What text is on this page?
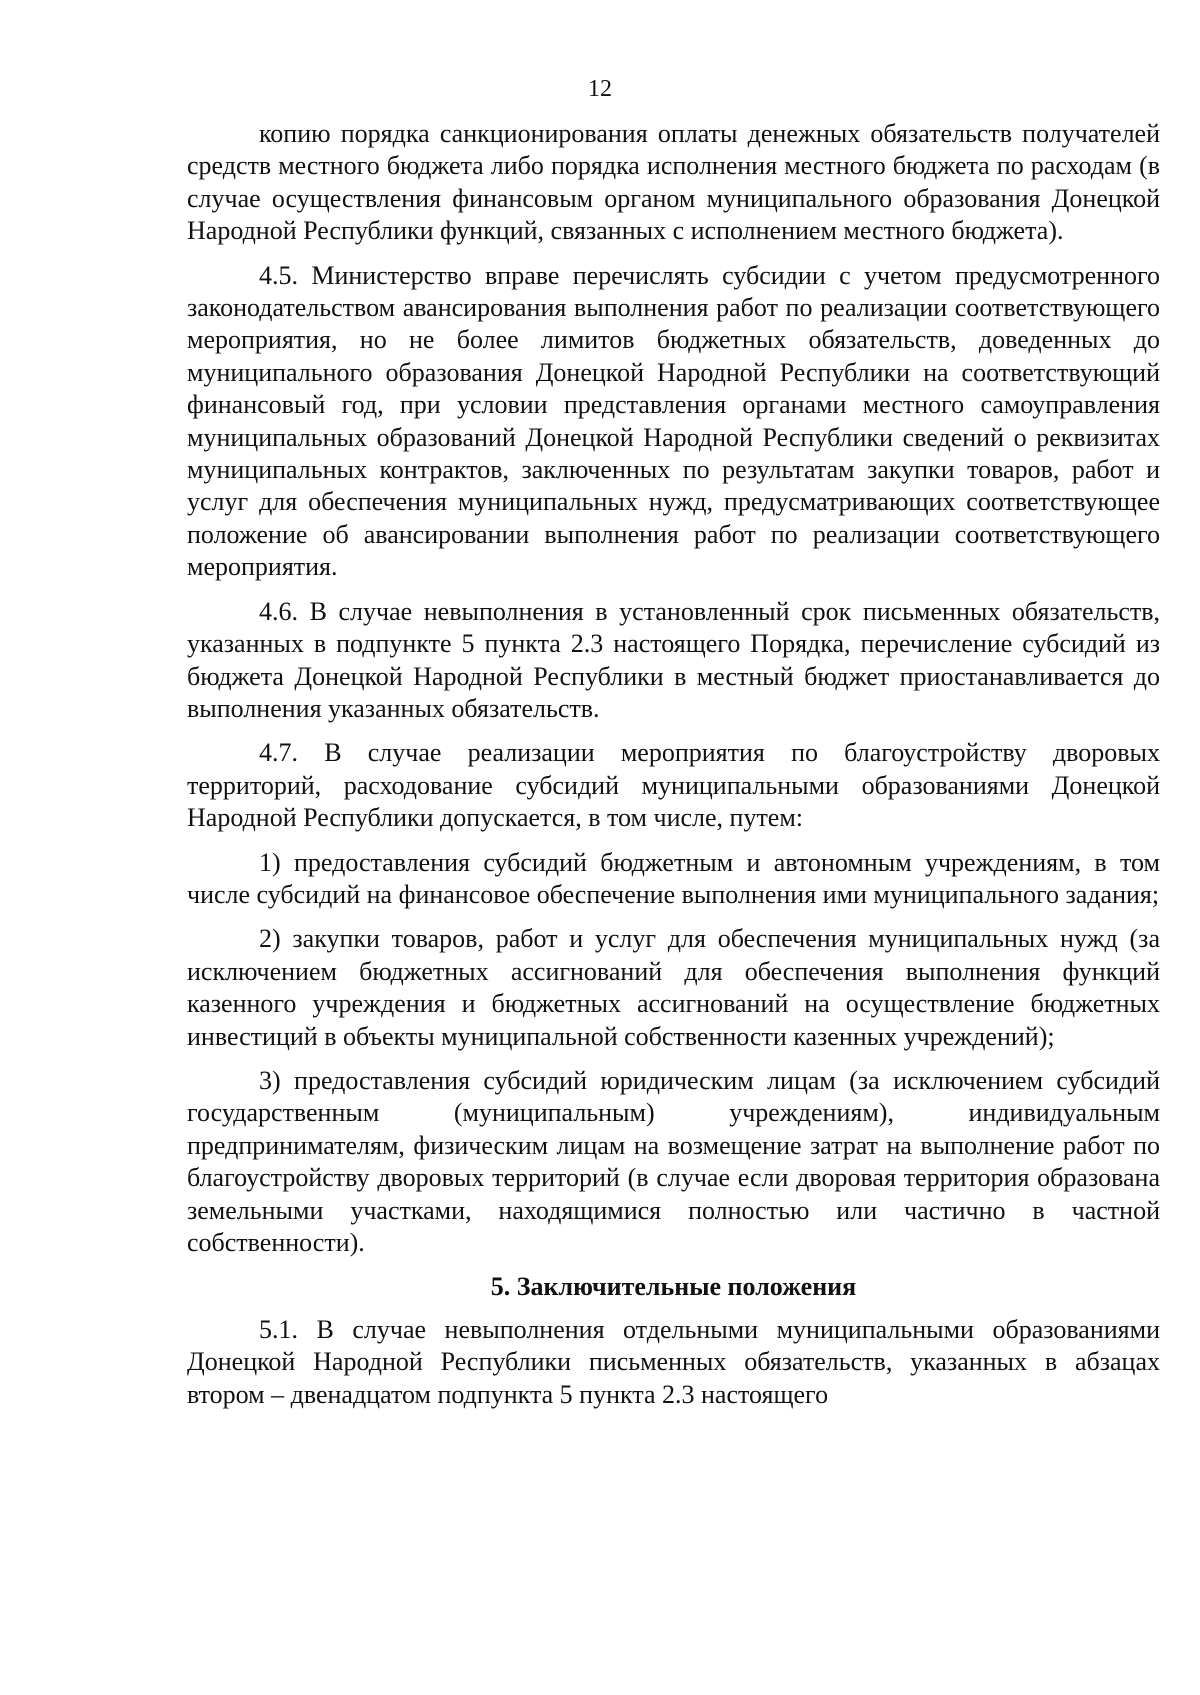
12

копию порядка санкционирования оплаты денежных обязательств получателей средств местного бюджета либо порядка исполнения местного бюджета по расходам (в случае осуществления финансовым органом муниципального образования Донецкой Народной Республики функций, связанных с исполнением местного бюджета).

4.5. Министерство вправе перечислять субсидии с учетом предусмотренного законодательством авансирования выполнения работ по реализации соответствующего мероприятия, но не более лимитов бюджетных обязательств, доведенных до муниципального образования Донецкой Народной Республики на соответствующий финансовый год, при условии представления органами местного самоуправления муниципальных образований Донецкой Народной Республики сведений о реквизитах муниципальных контрактов, заключенных по результатам закупки товаров, работ и услуг для обеспечения муниципальных нужд, предусматривающих соответствующее положение об авансировании выполнения работ по реализации соответствующего мероприятия.

4.6. В случае невыполнения в установленный срок письменных обязательств, указанных в подпункте 5 пункта 2.3 настоящего Порядка, перечисление субсидий из бюджета Донецкой Народной Республики в местный бюджет приостанавливается до выполнения указанных обязательств.

4.7. В случае реализации мероприятия по благоустройству дворовых территорий, расходование субсидий муниципальными образованиями Донецкой Народной Республики допускается, в том числе, путем:

1) предоставления субсидий бюджетным и автономным учреждениям, в том числе субсидий на финансовое обеспечение выполнения ими муниципального задания;

2) закупки товаров, работ и услуг для обеспечения муниципальных нужд (за исключением бюджетных ассигнований для обеспечения выполнения функций казенного учреждения и бюджетных ассигнований на осуществление бюджетных инвестиций в объекты муниципальной собственности казенных учреждений);

3) предоставления субсидий юридическим лицам (за исключением субсидий государственным (муниципальным) учреждениям), индивидуальным предпринимателям, физическим лицам на возмещение затрат на выполнение работ по благоустройству дворовых территорий (в случае если дворовая территория образована земельными участками, находящимися полностью или частично в частной собственности).

5. Заключительные положения

5.1. В случае невыполнения отдельными муниципальными образованиями Донецкой Народной Республики письменных обязательств, указанных в абзацах втором – двенадцатом подпункта 5 пункта 2.3 настоящего
